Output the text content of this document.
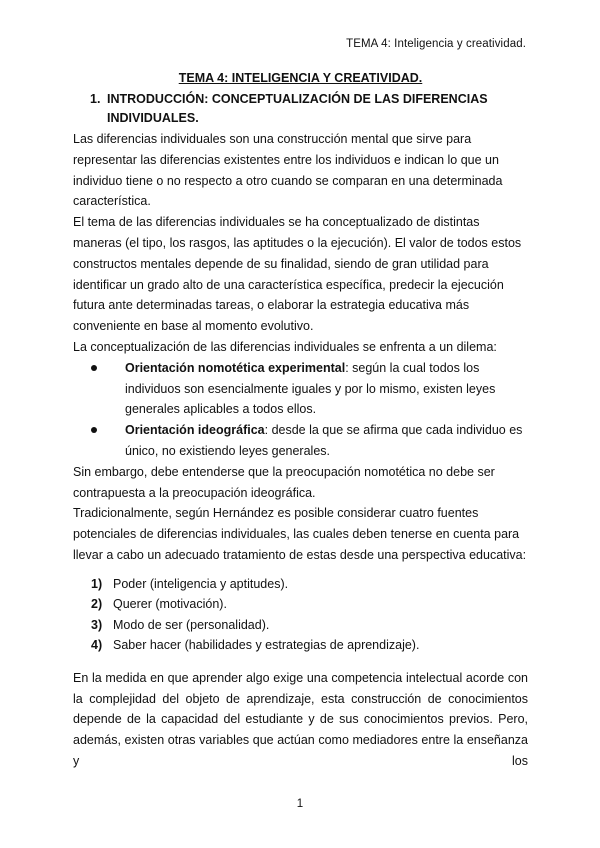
TEMA 4: Inteligencia y creatividad.
TEMA 4: INTELIGENCIA Y CREATIVIDAD.
1. INTRODUCCIÓN: CONCEPTUALIZACIÓN DE LAS DIFERENCIAS INDIVIDUALES.

Las diferencias individuales son una construcción mental que sirve para representar las diferencias existentes entre los individuos e indican lo que un individuo tiene o no respecto a otro cuando se comparan en una determinada característica.

El tema de las diferencias individuales se ha conceptualizado de distintas maneras (el tipo, los rasgos, las aptitudes o la ejecución). El valor de todos estos constructos mentales depende de su finalidad, siendo de gran utilidad para identificar un grado alto de una característica específica, predecir la ejecución futura ante determinadas tareas, o elaborar la estrategia educativa más conveniente en base al momento evolutivo.

La conceptualización de las diferencias individuales se enfrenta a un dilema:

Orientación nomotética experimental: según la cual todos los individuos son esencialmente iguales y por lo mismo, existen leyes generales aplicables a todos ellos.
Orientación ideográfica: desde la que se afirma que cada individuo es único, no existiendo leyes generales.

Sin embargo, debe entenderse que la preocupación nomotética no debe ser contrapuesta a la preocupación ideográfica.

Tradicionalmente, según Hernández es posible considerar cuatro fuentes potenciales de diferencias individuales, las cuales deben tenerse en cuenta para llevar a cabo un adecuado tratamiento de estas desde una perspectiva educativa:

1) Poder (inteligencia y aptitudes).
2) Querer (motivación).
3) Modo de ser (personalidad).
4) Saber hacer (habilidades y estrategias de aprendizaje).

En la medida en que aprender algo exige una competencia intelectual acorde con la complejidad del objeto de aprendizaje, esta construcción de conocimientos depende de la capacidad del estudiante y de sus conocimientos previos. Pero, además, existen otras variables que actúan como mediadores entre la enseñanza y los

1
